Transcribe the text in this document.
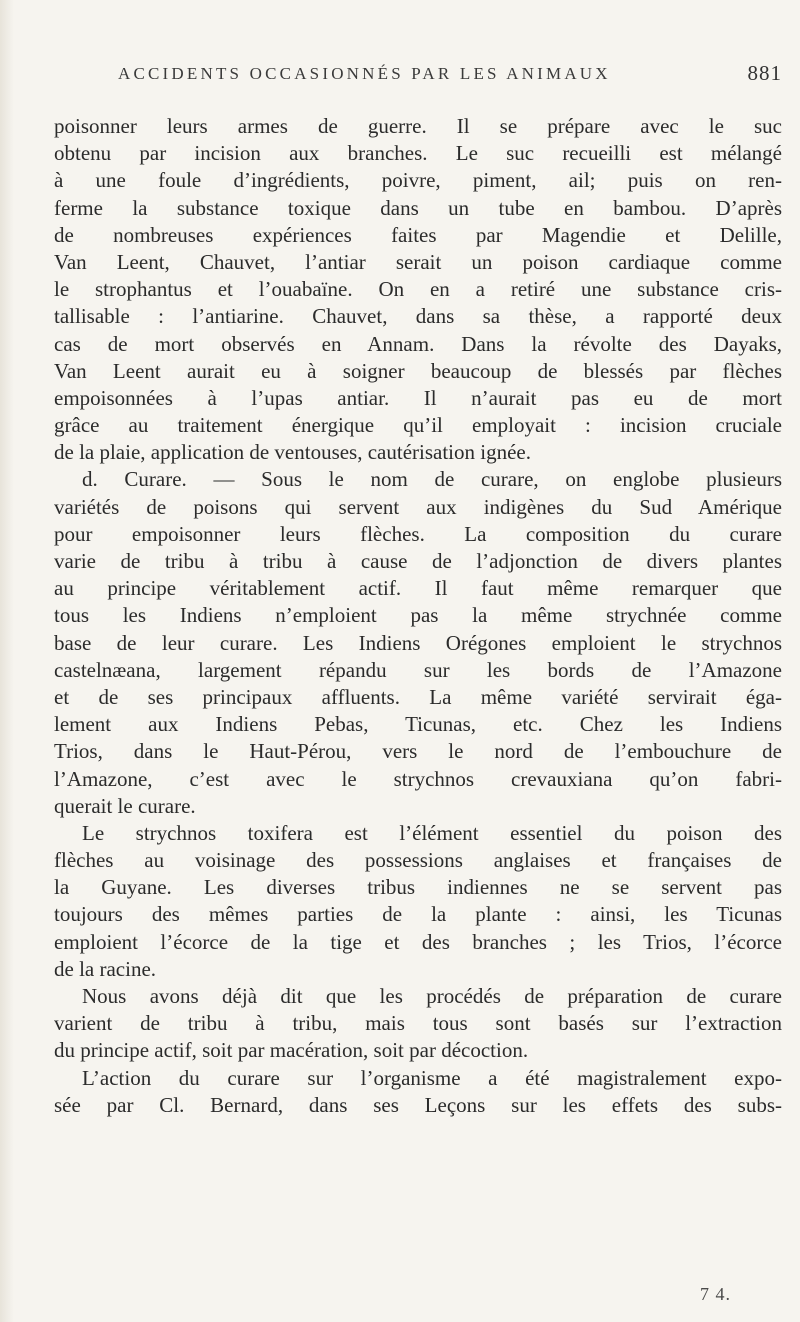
ACCIDENTS OCCASIONNÉS PAR LES ANIMAUX	881
poisonner leurs armes de guerre. Il se prépare avec le suc
obtenu par incision aux branches. Le suc recueilli est mélangé
à une foule d’ingrédients, poivre, piment, ail; puis on ren-
ferme la substance toxique dans un tube en bambou. D’après
de nombreuses expériences faites par Magendie et Delille,
Van Leent, Chauvet, l’antiar serait un poison cardiaque comme
le strophantus et l’ouabaïne. On en a retiré une substance cris-
tallisable : l’antiarine. Chauvet, dans sa thèse, a rapporté deux
cas de mort observés en Annam. Dans la révolte des Dayaks,
Van Leent aurait eu à soigner beaucoup de blessés par flèches
empoisonnées à l’upas antiar. Il n’aurait pas eu de mort
grâce au traitement énergique qu’il employait : incision cruciale
de la plaie, application de ventouses, cautérisation ignée.
d. Curare. — Sous le nom de curare, on englobe plusieurs
variétés de poisons qui servent aux indigènes du Sud Amérique
pour empoisonner leurs flèches. La composition du curare
varie de tribu à tribu à cause de l’adjonction de divers plantes
au principe véritablement actif. Il faut même remarquer que
tous les Indiens n’emploient pas la même strychnée comme
base de leur curare. Les Indiens Orégones emploient le strychnos
castelnæana, largement répandu sur les bords de l’Amazone
et de ses principaux affluents. La même variété servirait éga-
lement aux Indiens Pebas, Ticunas, etc. Chez les Indiens
Trios, dans le Haut-Pérou, vers le nord de l’embouchure de
l’Amazone, c’est avec le strychnos crevauxiana qu’on fabri-
querait le curare.
Le strychnos toxifera est l’élément essentiel du poison des
flèches au voisinage des possessions anglaises et françaises de
la Guyane. Les diverses tribus indiennes ne se servent pas
toujours des mêmes parties de la plante : ainsi, les Ticunas
emploient l’écorce de la tige et des branches ; les Trios, l’écorce
de la racine.
Nous avons déjà dit que les procédés de préparation de curare
varient de tribu à tribu, mais tous sont basés sur l’extraction
du principe actif, soit par macération, soit par décoction.
L’action du curare sur l’organisme a été magistralement expo-
sée par Cl. Bernard, dans ses Leçons sur les effets des subs-
7 4.
